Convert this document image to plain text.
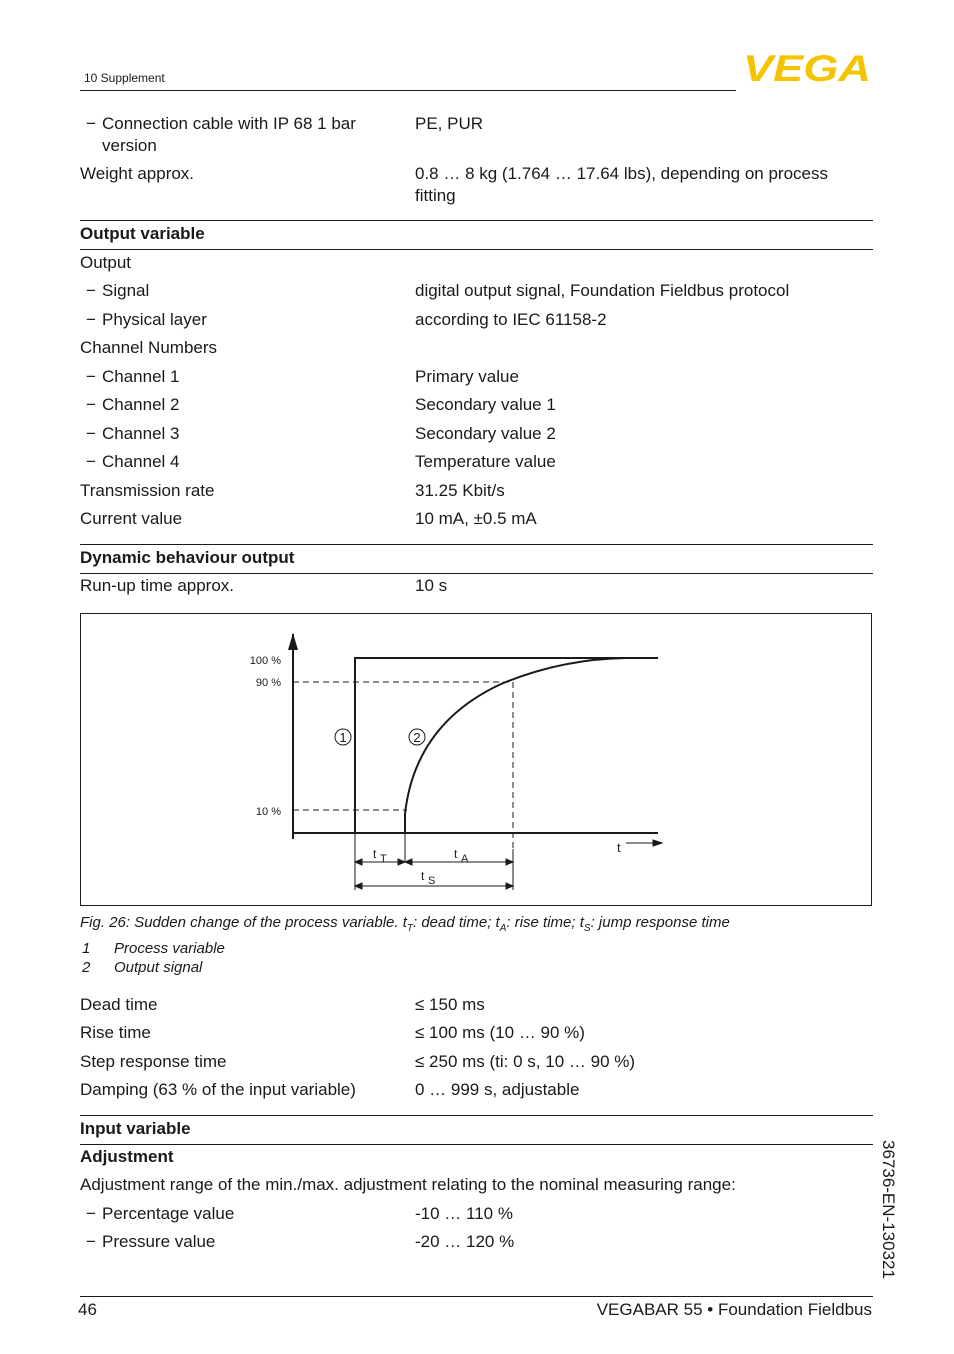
10 Supplement	VEGA
− Connection cable with IP 68 1 bar
version
PE, PUR
Weight approx.	0.8 … 8 kg (1.764 … 17.64 lbs), depending on process
fitting
Output variable
Output
− Signal	digital output signal, Foundation Fieldbus protocol
− Physical layer	according to IEC 61158-2
Channel Numbers
− Channel 1	Primary value
− Channel 2	Secondary value 1
− Channel 3	Secondary value 2
− Channel 4	Temperature value
Transmission rate	31.25 Kbit/s
Current value	10 mA, ±0.5 mA
Dynamic behaviour output
Run-up time approx.	10 s
100 %
90 %
10 %
1	2
t
t T	t A
t S
Fig. 26: Sudden change of the process variable. $t_T$: dead time; $t_A$: rise time; $t_S$: jump response time
1 Process variable
2 Output signal
Dead time	≤ 150 ms
Rise time	≤ 100 ms (10 … 90 %)
Step response time	≤ 250 ms (ti: 0 s, 10 … 90 %)
Damping (63 % of the input variable)	0 … 999 s, adjustable
Input variable
Adjustment
Adjustment range of the min./max. adjustment relating to the nominal measuring range:
− Percentage value	-10 … 110 %
− Pressure value	-20 … 120 %	36736-EN-130321
46	VEGABAR 55 • Foundation Fieldbus
